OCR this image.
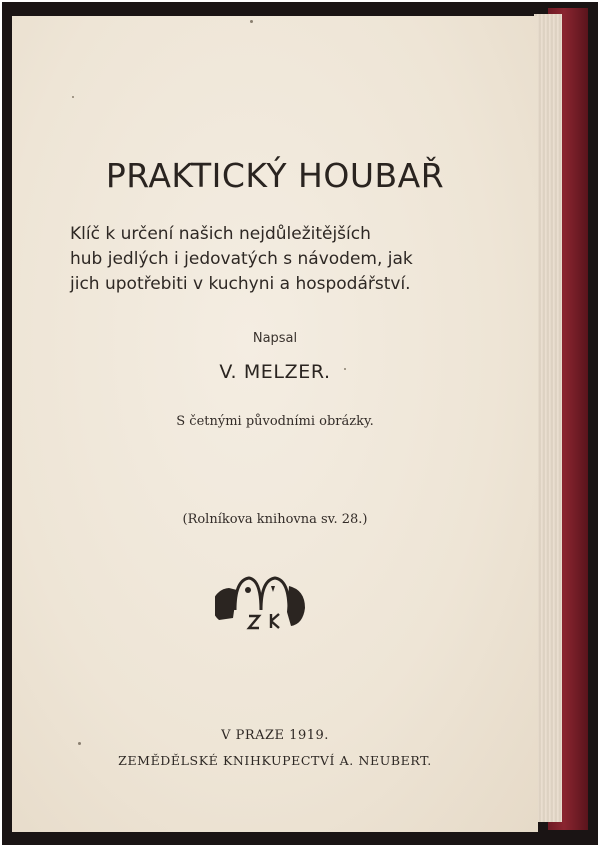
PRAKTICKÝ HOUBAŘ
Klíč k určení našich nejdůležitějších
hub jedlých i jedovatých s návodem, jak
jich upotřebiti v kuchyni a hospodářství.
Napsal
V. MELZER.
S četnými původními obrázky.
(Rolníkova knihovna sv. 28.)
V PRAZE 1919.
ZEMĚDĚLSKÉ KNIHKUPECTVÍ A. NEUBERT.
